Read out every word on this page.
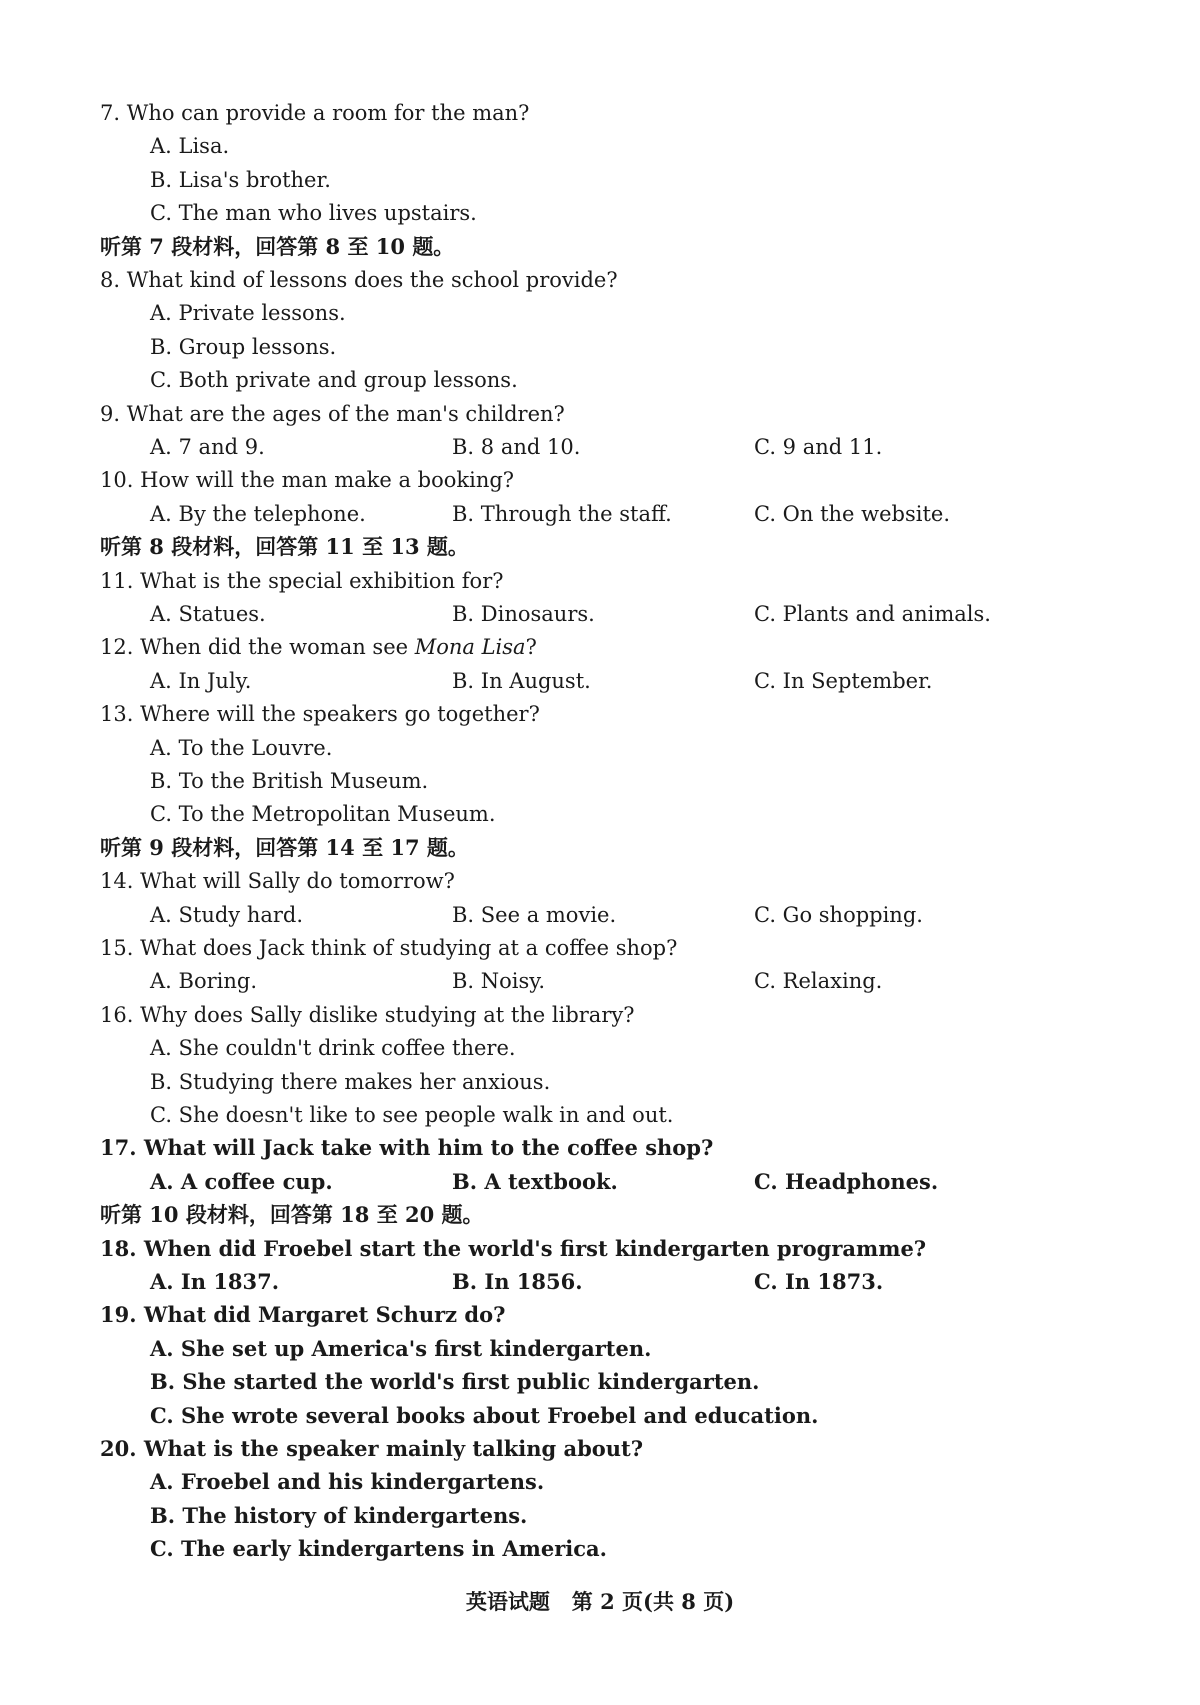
7. Who can provide a room for the man?
A. Lisa.
B. Lisa's brother.
C. The man who lives upstairs.
听第 7 段材料，回答第 8 至 10 题。
8. What kind of lessons does the school provide?
A. Private lessons.
B. Group lessons.
C. Both private and group lessons.
9. What are the ages of the man's children?
A. 7 and 9.	B. 8 and 10.	C. 9 and 11.
10. How will the man make a booking?
A. By the telephone.	B. Through the staff.	C. On the website.
听第 8 段材料，回答第 11 至 13 题。
11. What is the special exhibition for?
A. Statues.	B. Dinosaurs.	C. Plants and animals.
12. When did the woman see Mona Lisa?
A. In July.	B. In August.	C. In September.
13. Where will the speakers go together?
A. To the Louvre.
B. To the British Museum.
C. To the Metropolitan Museum.
听第 9 段材料，回答第 14 至 17 题。
14. What will Sally do tomorrow?
A. Study hard.	B. See a movie.	C. Go shopping.
15. What does Jack think of studying at a coffee shop?
A. Boring.	B. Noisy.	C. Relaxing.
16. Why does Sally dislike studying at the library?
A. She couldn't drink coffee there.
B. Studying there makes her anxious.
C. She doesn't like to see people walk in and out.
17. What will Jack take with him to the coffee shop?
A. A coffee cup.	B. A textbook.	C. Headphones.
听第 10 段材料，回答第 18 至 20 题。
18. When did Froebel start the world's first kindergarten programme?
A. In 1837.	B. In 1856.	C. In 1873.
19. What did Margaret Schurz do?
A. She set up America's first kindergarten.
B. She started the world's first public kindergarten.
C. She wrote several books about Froebel and education.
20. What is the speaker mainly talking about?
A. Froebel and his kindergartens.
B. The history of kindergartens.
C. The early kindergartens in America.
英语试题 第 2 页(共 8 页)
